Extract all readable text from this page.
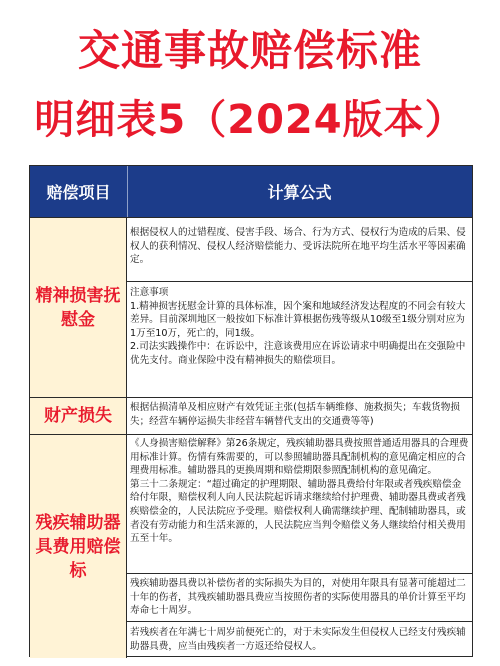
交通事故赔偿标准
明细表5（2024版本）
赔偿项目	计算公式
精神损害抚慰金
根据侵权人的过错程度、侵害手段、场合、行为方式、侵权行为造成的后果、侵权人的获利情况、侵权人经济赔偿能力、受诉法院所在地平均生活水平等因素确定。
注意事项
1.精神损害抚慰金计算的具体标准，因个案和地域经济发达程度的不同会有较大差异。目前深圳地区一般按如下标准计算根据伤残等级从10级至1级分别对应为1万至10万，死亡的，同1级。
2.司法实践操作中：在诉讼中，注意该费用应在诉讼请求中明确提出在交强险中优先支付。商业保险中没有精神损失的赔偿项目。
财产损失	根据估损清单及相应财产有效凭证主张(包括车辆维修、施救损失；车载货物损失；经营车辆停运损失非经营车辆替代支出的交通费等等)
残疾辅助器具费用赔偿标
《人身损害赔偿解释》第26条规定，残疾辅助器具费按照普通适用器具的合理费用标准计算。伤情有殊需要的，可以参照辅助器具配制机构的意见确定相应的合理费用标准。辅助器具的更换周期和赔偿期限参照配制机构的意见确定。
第三十二条规定：“超过确定的护理期限、辅助器具费给付年限或者残疾赔偿金给付年限，赔偿权利人向人民法院起诉请求继续给付护理费、辅助器具费或者残疾赔偿金的，人民法院应予受理。赔偿权利人确需继续护理、配制辅助器具，或者没有劳动能力和生活来源的，人民法院应当判令赔偿义务人继续给付相关费用五至十年。
残疾辅助器具费以补偿伤者的实际损失为目的，对使用年限具有显著可能超过二十年的伤者，其残疾辅助器具费应当按照伤者的实际使用器具的单价计算至平均寿命七十周岁。
若残疾者在年满七十周岁前便死亡的，对于未实际发生但侵权人已经支付残疾辅助器具费，应当由残疾者一方返还给侵权人。
